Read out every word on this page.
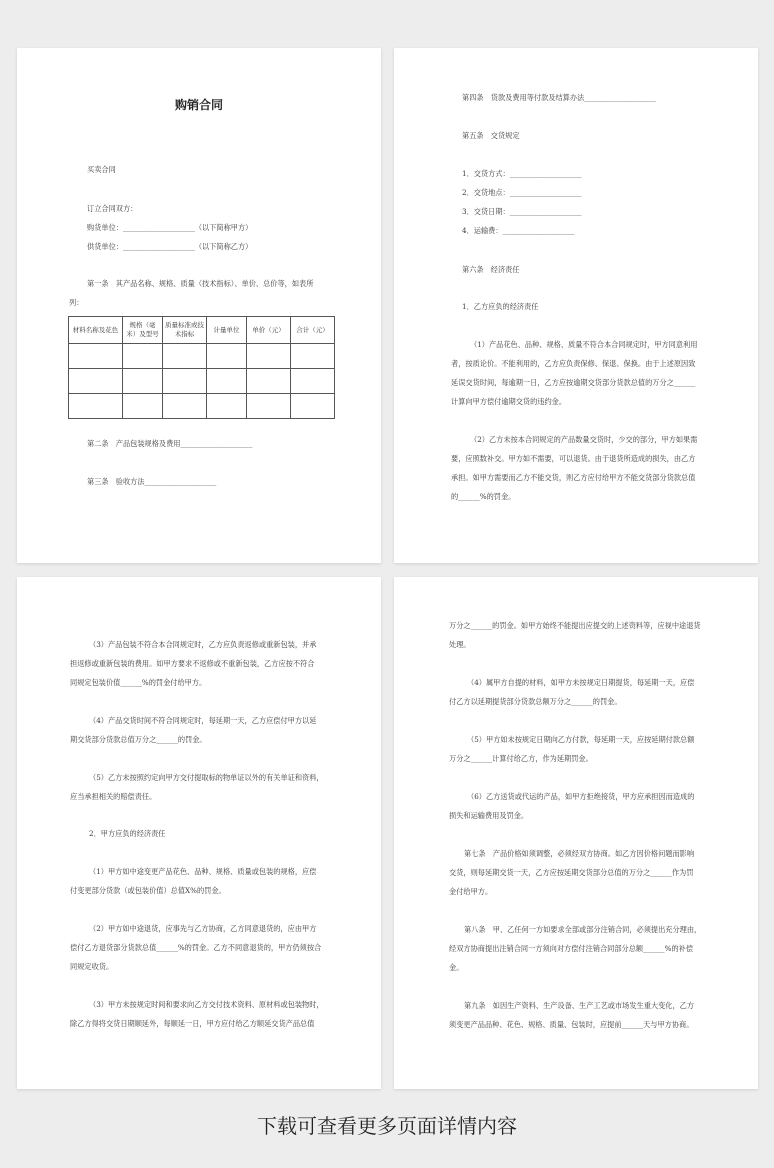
购销合同
买卖合同
订立合同双方：
购货单位：____________________（以下简称甲方）
供货单位：____________________（以下简称乙方）
第一条　其产品名称、规格、质量（技术指标）、单价、总价等，如表所
列：
材料名称及花色	规格（毫米）及型号	质量标准或技术指标	计量单位	单价（元）	合计（元）

第二条　产品包装规格及费用____________________
第三条　验收方法____________________
第四条　货款及费用等付款及结算办法____________________
第五条　交货规定
1．交货方式：____________________
2．交货地点：____________________
3．交货日期：____________________
4．运输费：____________________
第六条　经济责任
1．乙方应负的经济责任
（1）产品花色、品种、规格、质量不符合本合同规定时，甲方同意利用
者，按质论价。不能利用的，乙方应负责保修、保退、保换。由于上述原因致
延误交货时间，每逾期一日，乙方应按逾期交货部分货款总值的万分之______
计算向甲方偿付逾期交货的违约金。
（2）乙方未按本合同规定的产品数量交货时，少交的部分，甲方如果需
要，应照数补交。甲方如不需要，可以退货。由于退货所造成的损失，由乙方
承担。如甲方需要而乙方不能交货，则乙方应付给甲方不能交货部分货款总值
的______%的罚金。
（3）产品包装不符合本合同规定时，乙方应负责返修或重新包装，并承
担返修或重新包装的费用。如甲方要求不返修或不重新包装，乙方应按不符合
同规定包装价值______%的罚金付给甲方。
（4）产品交货时间不符合同规定时，每延期一天，乙方应偿付甲方以延
期交货部分货款总值万分之______的罚金。
（5）乙方未按照约定向甲方交付提取标的物单证以外的有关单证和资料，
应当承担相关的赔偿责任。
2．甲方应负的经济责任
（1）甲方如中途变更产品花色、品种、规格、质量或包装的规格，应偿
付变更部分货款（或包装价值）总值X%的罚金。
（2）甲方如中途退货，应事先与乙方协商，乙方同意退货的，应由甲方
偿付乙方退货部分货款总值______%的罚金。乙方不同意退货的，甲方仍须按合
同规定收货。
（3）甲方未按规定时间和要求向乙方交付技术资料、原材料或包装物时，
除乙方得将交货日期顺延外，每顺延一日，甲方应付给乙方顺延交货产品总值
万分之______的罚金。如甲方始终不能提出应提交的上述资料等，应视中途退货
处理。
（4）属甲方自提的材料，如甲方未按规定日期提货，每延期一天，应偿
付乙方以延期提货部分货款总额万分之______的罚金。
（5）甲方如未按规定日期向乙方付款，每延期一天，应按延期付款总额
万分之______计算付给乙方，作为延期罚金。
（6）乙方送货或代运的产品，如甲方拒绝接货，甲方应承担因而造成的
损失和运输费用及罚金。
第七条　产品价格如须调整，必须经双方协商。如乙方因价格问题而影响
交货，则每延期交货一天，乙方应按延期交货部分总值的万分之______作为罚
金付给甲方。
第八条　甲、乙任何一方如要求全部或部分注销合同，必须提出充分理由，
经双方协商提出注销合同一方须向对方偿付注销合同部分总额______%的补偿
金。
第九条　如因生产资料、生产设备、生产工艺或市场发生重大变化，乙方
须变更产品品种、花色、规格、质量、包装时，应提前______天与甲方协商。
下载可查看更多页面详情内容
